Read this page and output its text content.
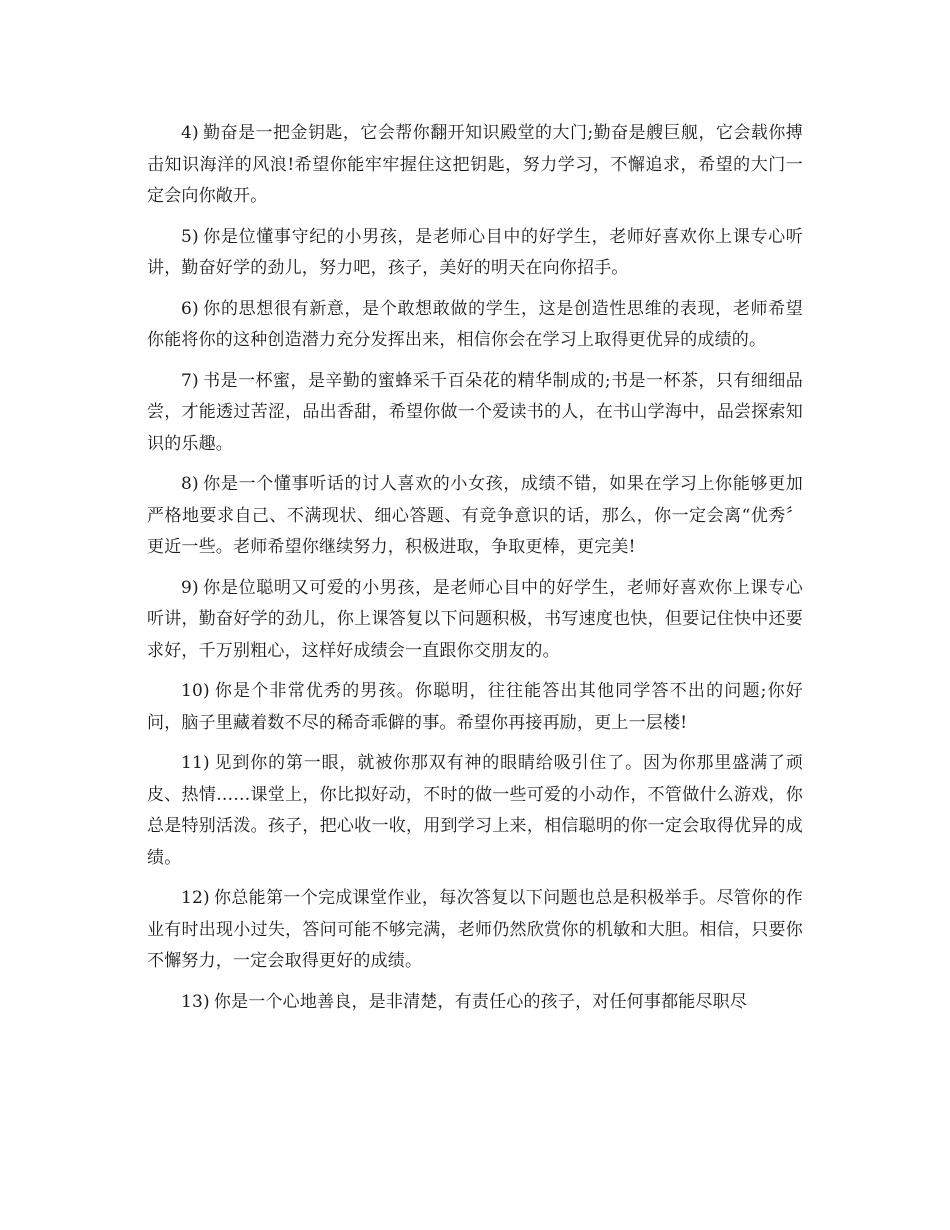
4) 勤奋是一把金钥匙，它会帮你翻开知识殿堂的大门;勤奋是艘巨舰，它会载你搏击知识海洋的风浪!希望你能牢牢握住这把钥匙，努力学习，不懈追求，希望的大门一定会向你敞开。

5) 你是位懂事守纪的小男孩，是老师心目中的好学生，老师好喜欢你上课专心听讲，勤奋好学的劲儿，努力吧，孩子，美好的明天在向你招手。

6) 你的思想很有新意，是个敢想敢做的学生，这是创造性思维的表现，老师希望你能将你的这种创造潜力充分发挥出来，相信你会在学习上取得更优异的成绩的。

7) 书是一杯蜜，是辛勤的蜜蜂采千百朵花的精华制成的;书是一杯茶，只有细细品尝，才能透过苦涩，品出香甜，希望你做一个爱读书的人，在书山学海中，品尝探索知识的乐趣。

8) 你是一个懂事听话的讨人喜欢的小女孩，成绩不错，如果在学习上你能够更加严格地要求自己、不满现状、细心答题、有竞争意识的话，那么，你一定会离“优秀〞更近一些。老师希望你继续努力，积极进取，争取更棒，更完美!

9) 你是位聪明又可爱的小男孩，是老师心目中的好学生，老师好喜欢你上课专心听讲，勤奋好学的劲儿，你上课答复以下问题积极，书写速度也快，但要记住快中还要求好，千万别粗心，这样好成绩会一直跟你交朋友的。

10) 你是个非常优秀的男孩。你聪明，往往能答出其他同学答不出的问题;你好问，脑子里藏着数不尽的稀奇乖僻的事。希望你再接再励，更上一层楼!

11) 见到你的第一眼，就被你那双有神的眼睛给吸引住了。因为你那里盛满了顽皮、热情……课堂上，你比拟好动，不时的做一些可爱的小动作，不管做什么游戏，你总是特别活泼。孩子，把心收一收，用到学习上来，相信聪明的你一定会取得优异的成绩。

12) 你总能第一个完成课堂作业，每次答复以下问题也总是积极举手。尽管你的作业有时出现小过失，答问可能不够完满，老师仍然欣赏你的机敏和大胆。相信，只要你不懈努力，一定会取得更好的成绩。

13) 你是一个心地善良，是非清楚，有责任心的孩子，对任何事都能尽职尽
